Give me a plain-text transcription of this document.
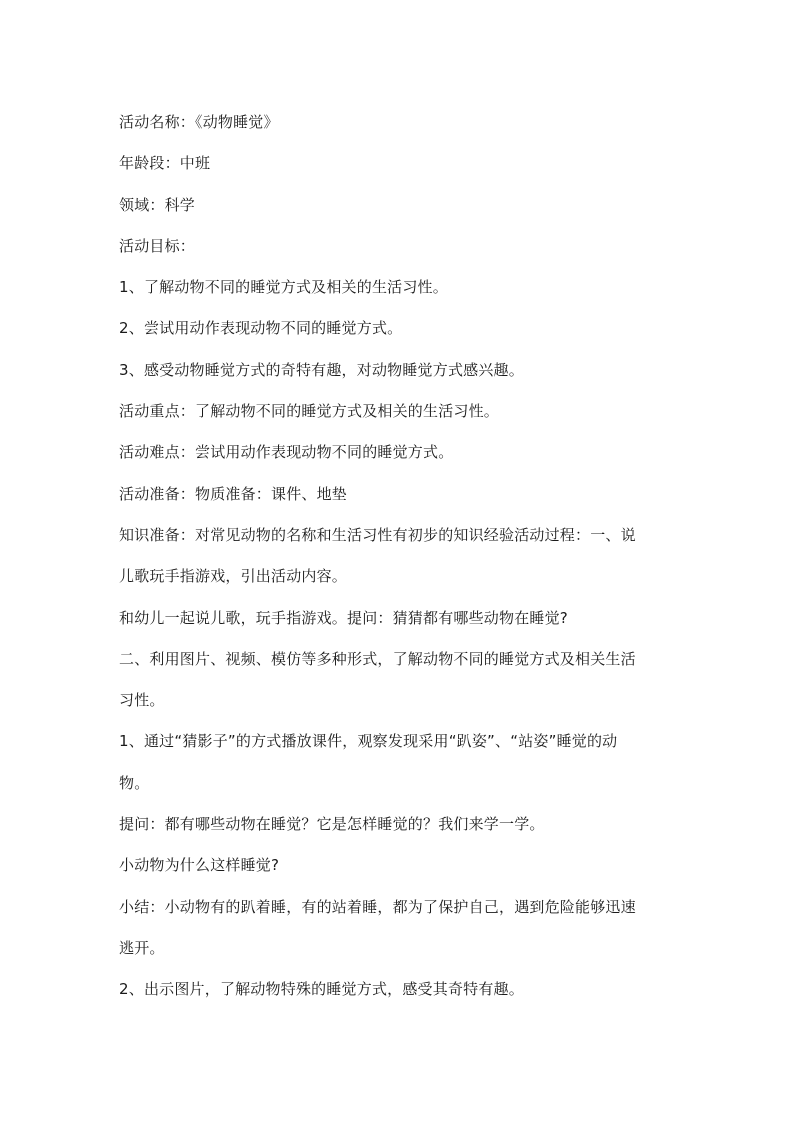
活动名称：《动物睡觉》
年龄段：中班
领域：科学
活动目标：
1、了解动物不同的睡觉方式及相关的生活习性。
2、尝试用动作表现动物不同的睡觉方式。
3、感受动物睡觉方式的奇特有趣，对动物睡觉方式感兴趣。
活动重点：了解动物不同的睡觉方式及相关的生活习性。
活动难点：尝试用动作表现动物不同的睡觉方式。
活动准备：物质准备：课件、地垫
知识准备：对常见动物的名称和生活习性有初步的知识经验活动过程：一、说
儿歌玩手指游戏，引出活动内容。
和幼儿一起说儿歌，玩手指游戏。提问：猜猜都有哪些动物在睡觉?
二、利用图片、视频、模仿等多种形式，了解动物不同的睡觉方式及相关生活
习性。
1、通过“猜影子”的方式播放课件，观察发现采用“趴姿”、“站姿”睡觉的动
物。
提问：都有哪些动物在睡觉？它是怎样睡觉的？我们来学一学。
小动物为什么这样睡觉?
小结：小动物有的趴着睡，有的站着睡，都为了保护自己，遇到危险能够迅速
逃开。
2、出示图片，了解动物特殊的睡觉方式，感受其奇特有趣。
